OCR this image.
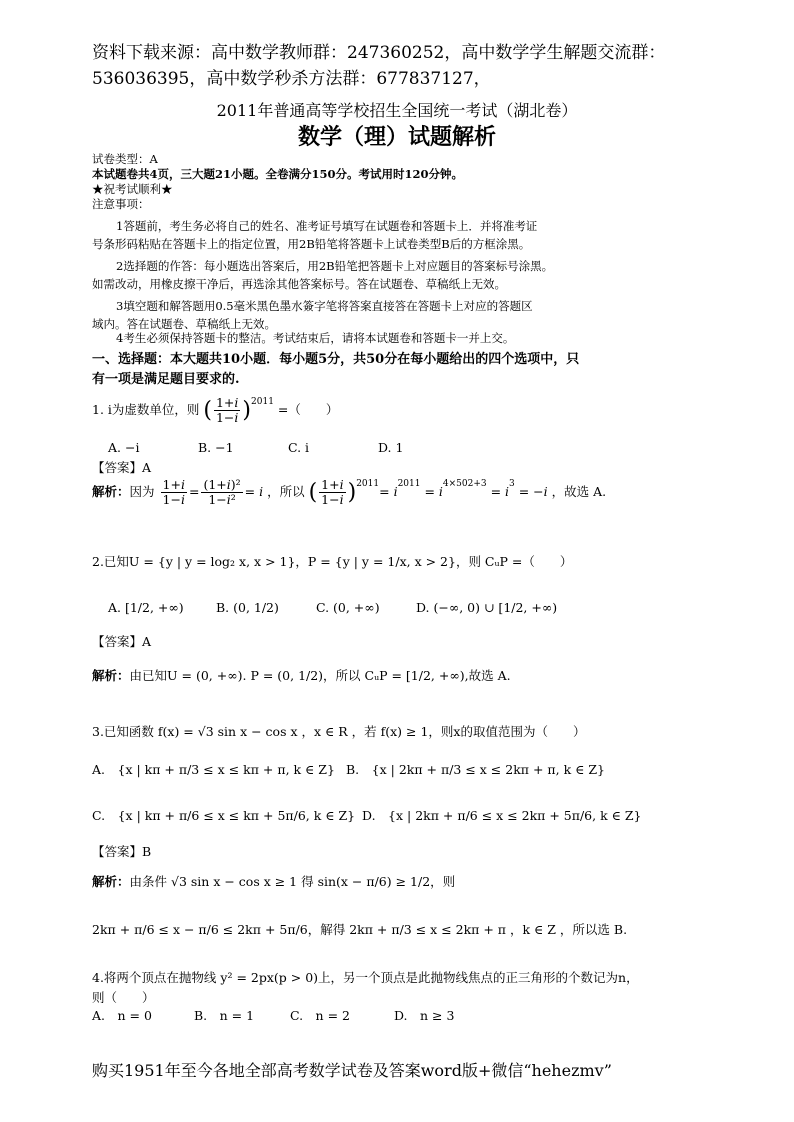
资料下载来源：高中数学教师群：247360252，高中数学学生解题交流群：
536036395，高中数学秒杀方法群：677837127，
2011年普通高等学校招生全国统一考试（湖北卷）
数学（理）试题解析
试卷类型：A
本试题卷共4页，三大题21小题。全卷满分150分。考试用时120分钟。
★祝考试顺利★
注意事项：
1答题前，考生务必将自己的姓名、准考证号填写在试题卷和答题卡上．并将准考证
号条形码粘贴在答题卡上的指定位置，用2B铅笔将答题卡上试卷类型B后的方框涂黑。
2选择题的作答：每小题选出答案后，用2B铅笔把答题卡上对应题目的答案标号涂黑。
如需改动，用橡皮擦干净后，再选涂其他答案标号。答在试题卷、草稿纸上无效。
3填空题和解答题用0.5毫米黑色墨水簽字笔将答案直接答在答题卡上对应的答题区
域内。答在试题卷、草稿纸上无效。
4考生必须保持答题卡的整洁。考试结束后，请将本试题卷和答题卡一并上交。
一、选择题：本大题共10小题．每小题5分，共50分在每小题给出的四个选项中，只
有一项是满足题目要求的.
1. i为虚数单位，则 ( $\frac{1+i}{1-i} )^{2011}$ =（　　）
A. −i	B. −1	C. i	D. 1
【答案】A
解析：因为 $\frac{1+i}{1-i} = \frac{\text{(1+i)²}}{\text{1−i²}} = i$ ，所以 ( $\frac{1+i}{1-i} )^{2011}= i^{2011} = i^{4\times 502+3} = i^3 = -i$ ，故选 A.
2.已知U = {y | y = log₂ x, x > 1}，P = {y | y = 1/x, x > 2}，则 CᵤP =（　　）
A. [1/2, +∞)	B. (0, 1/2)	C. (0, +∞)	D. (−∞, 0) ∪ [1/2, +∞)
【答案】A
解析：由已知U = (0, +∞). P = (0, 1/2)，所以 CᵤP = [1/2, +∞),故选 A.
3.已知函数 f(x) = √3 sin x − cos x ，x ∈ R ，若 f(x) ≥ 1，则x的取值范围为（　　）
A.　{x | kπ + π/3 ≤ x ≤ kπ + π, k ∈ Z} B.　{x | 2kπ + π/3 ≤ x ≤ 2kπ + π, k ∈ Z}
C.　{x | kπ + π/6 ≤ x ≤ kπ + 5π/6, k ∈ Z} D.　{x | 2kπ + π/6 ≤ x ≤ 2kπ + 5π/6, k ∈ Z}
【答案】B
解析：由条件 √3 sin x − cos x ≥ 1 得 sin(x − π/6) ≥ 1/2，则
2kπ + π/6 ≤ x − π/6 ≤ 2kπ + 5π/6，解得 2kπ + π/3 ≤ x ≤ 2kπ + π ，k ∈ Z ，所以选 B.
4.将两个顶点在抛物线 y² = 2px(p > 0)上，另一个顶点是此抛物线焦点的正三角形的个数记为n，
则（　　）
A.　n = 0	B.　n = 1	C.　n = 2	D.　n ≥ 3
购买1951年至今各地全部高考数学试卷及答案word版+微信“hehezmv”
